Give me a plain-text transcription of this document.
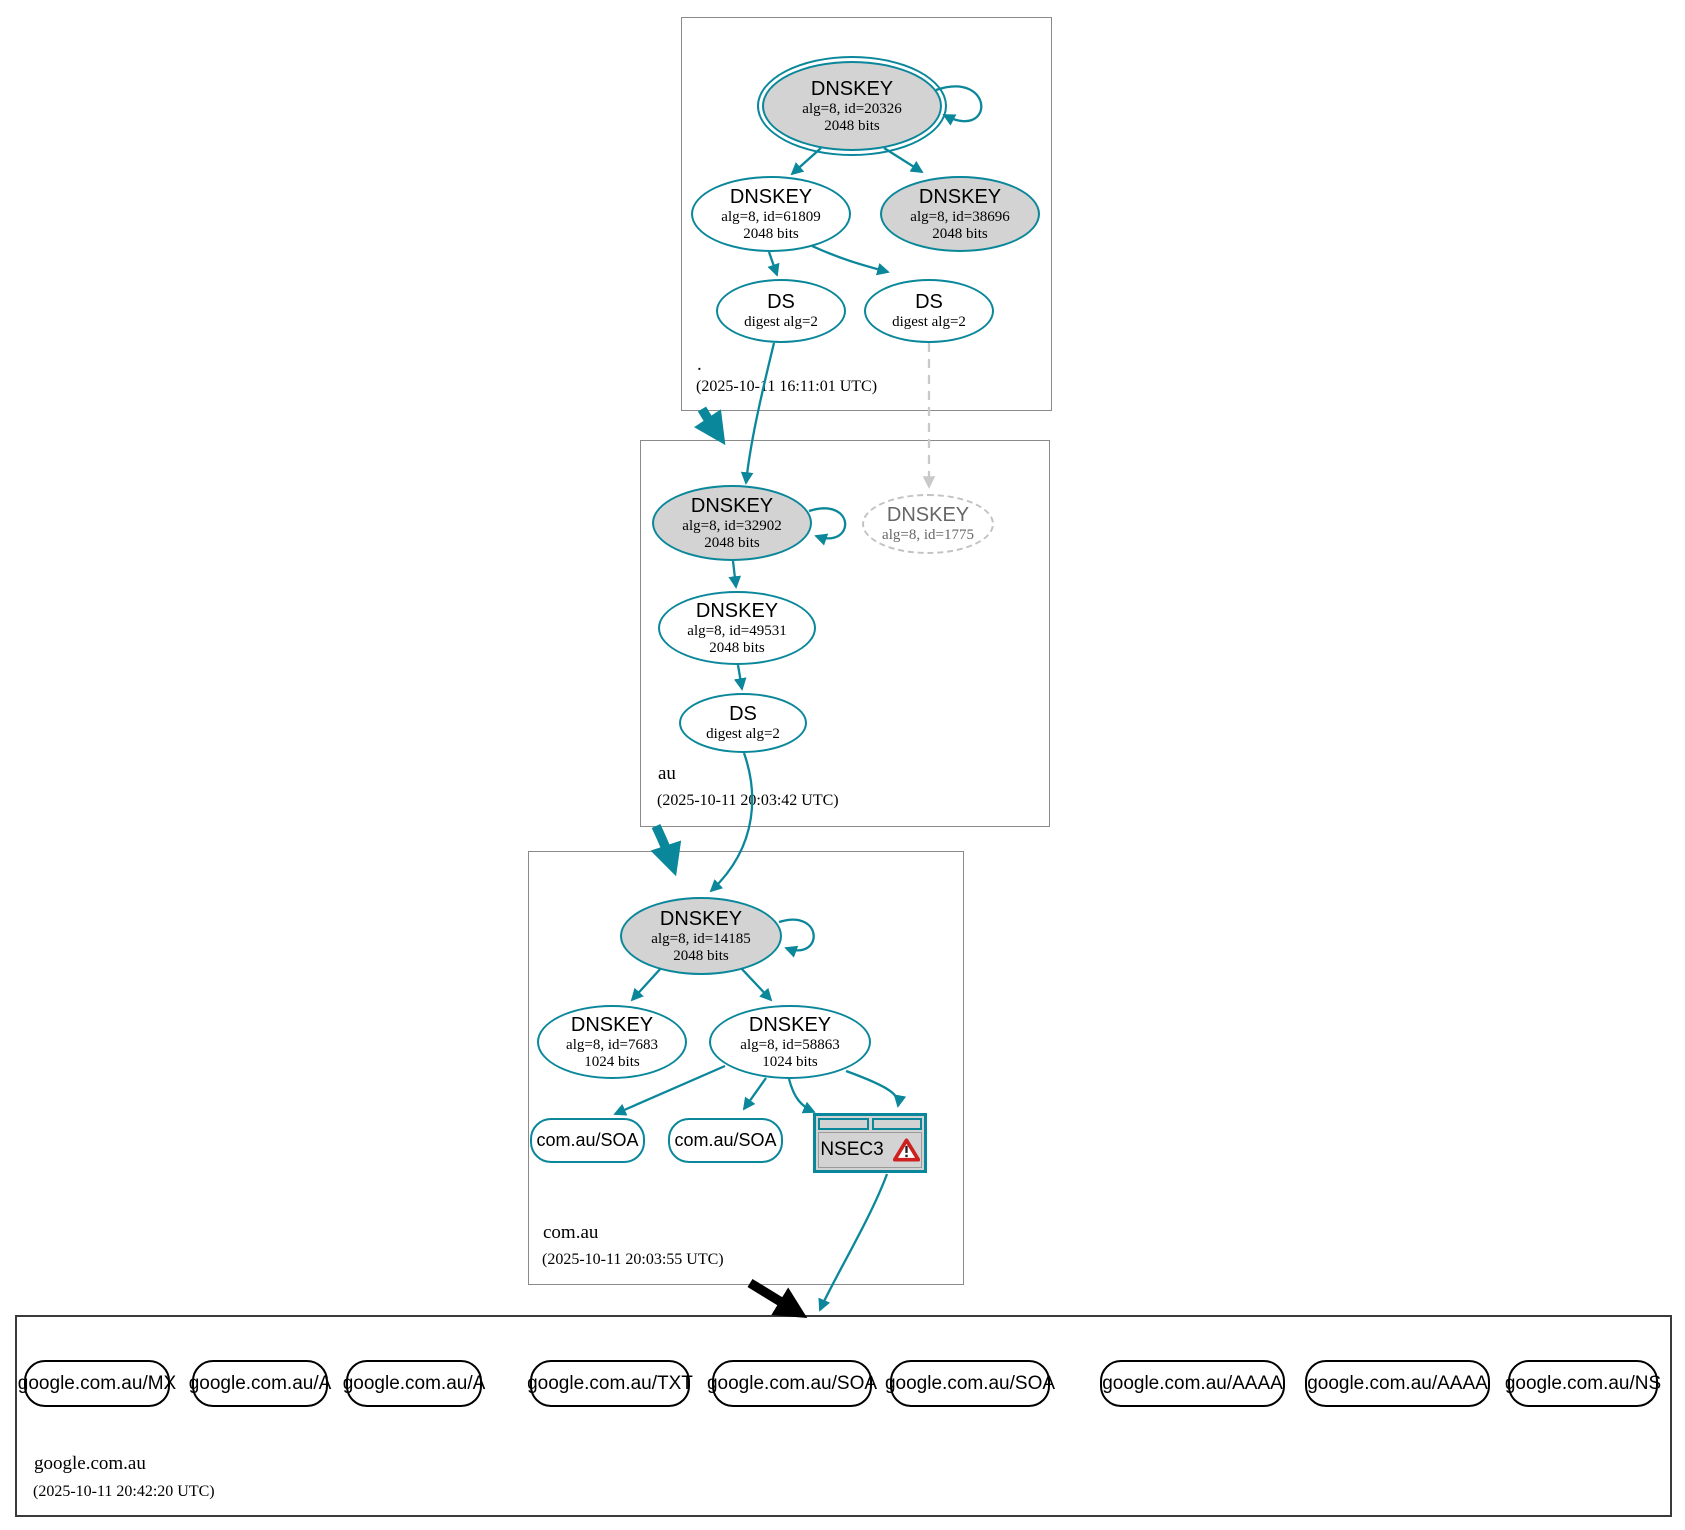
.
(2025-10-11 16:11:01 UTC)
au
(2025-10-11 20:03:42 UTC)
com.au
(2025-10-11 20:03:55 UTC)
google.com.au
(2025-10-11 20:42:20 UTC)
DNSKEY
alg=8, id=20326
2048 bits
DNSKEY
alg=8, id=61809
2048 bits
DNSKEY
alg=8, id=38696
2048 bits
DS
digest alg=2
DS
digest alg=2
DNSKEY
alg=8, id=32902
2048 bits
DNSKEY
alg=8, id=1775
DNSKEY
alg=8, id=49531
2048 bits
DS
digest alg=2
DNSKEY
alg=8, id=14185
2048 bits
DNSKEY
alg=8, id=7683
1024 bits
DNSKEY
alg=8, id=58863
1024 bits
com.au/SOA com.au/SOA NSEC3
google.com.au/MX google.com.au/A google.com.au/A google.com.au/TXT google.com.au/SOA google.com.au/SOA google.com.au/AAAA google.com.au/AAAA google.com.au/NS
